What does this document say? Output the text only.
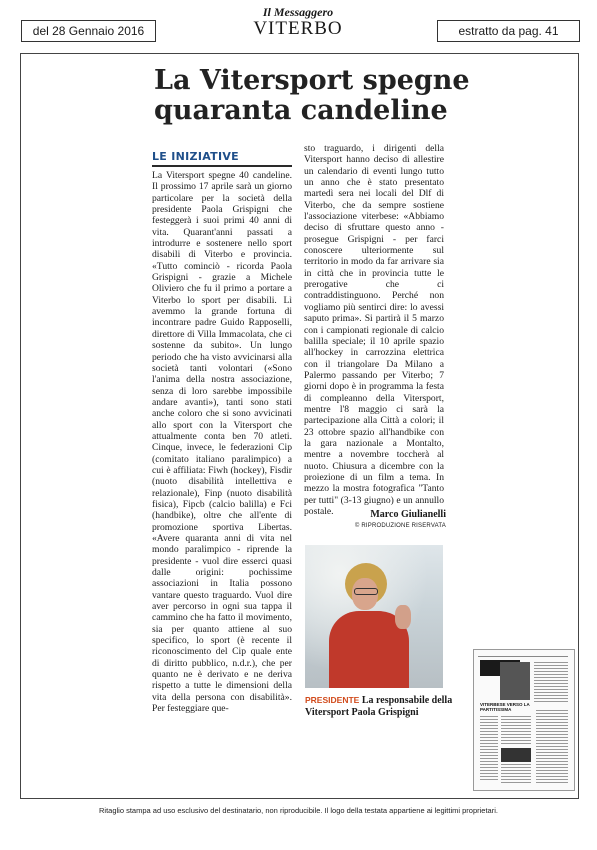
del 28 Gennaio 2016
Il Messaggero
VITERBO	estratto da pag. 41
La Vitersport spegne
quaranta candeline
LE INIZIATIVE

La Vitersport spegne 40 candeline. Il prossimo 17 aprile sarà un giorno particolare per la società della presidente Paola Grispigni che festeggerà i suoi primi 40 anni di vita. Quarant'anni passati a introdurre e sostenere nello sport disabili di Viterbo e provincia. «Tutto cominciò - ricorda Paola Grispigni - grazie a Michele Oliviero che fu il primo a portare a Viterbo lo sport per disabili. Lì avemmo la grande fortuna di incontrare padre Guido Rapposelli, direttore di Villa Immacolata, che ci sostenne da subito». Un lungo periodo che ha visto avvicinarsi alla società tanti volontari («Sono l'anima della nostra associazione, senza di loro sarebbe impossibile andare avanti»), tanti sono stati anche coloro che si sono avvicinati allo sport con la Vitersport che attualmente conta ben 70 atleti. Cinque, invece, le federazioni Cip (comitato italiano paralimpico) a cui è affiliata: Fiwh (hockey), Fisdir (nuoto disabilità intellettiva e relazionale), Finp (nuoto disabilità fisica), Fipcb (calcio balilla) e Fci (handbike), oltre che all'ente di promozione sportiva Libertas. «Avere quaranta anni di vita nel mondo paralimpico - riprende la presidente - vuol dire esserci quasi dalle origini: pochissime associazioni in Italia possono vantare questo traguardo. Vuol dire aver percorso in ogni sua tappa il cammino che ha fatto il movimento, sia per quanto attiene al suo specifico, lo sport (è recente il riconoscimento del Cip quale ente di diritto pubblico, n.d.r.), che per quanto ne è derivato e ne deriva rispetto a tutte le dimensioni della vita della persona con disabilità». Per festeggiare que-

sto traguardo, i dirigenti della Vitersport hanno deciso di allestire un calendario di eventi lungo tutto un anno che è stato presentato martedì sera nei locali del Dlf di Viterbo, che da sempre sostiene l'associazione viterbese: «Abbiamo deciso di sfruttare questo anno - prosegue Grispigni - per farci conoscere ulteriormente sul territorio in modo da far arrivare sia in città che in provincia tutte le prerogative che ci contraddistinguono. Perché non vogliamo più sentirci dire: lo avessi saputo prima». Si partirà il 5 marzo con i campionati regionale di calcio balilla speciale; il 10 aprile spazio all'hockey in carrozzina elettrica con il triangolare Da Milano a Palermo passando per Viterbo; 7 giorni dopo è in programma la festa di compleanno della Vitersport, mentre l'8 maggio ci sarà la partecipazione alla Città a colori; il 23 ottobre spazio all'handbike con la gara nazionale a Montalto, mentre a novembre toccherà al nuoto. Chiusura a dicembre con la proiezione di un film a tema. In mezzo la mostra fotografica "Tanto per tutti" (3-13 giugno) e un annullo postale.	Marco Giulianelli
© RIPRODUZIONE RISERVATA

PRESIDENTE La responsabile della Vitersport Paola Grispigni

VITERBESE VERSO LA PARTITISSIMA
Ritaglio stampa ad uso esclusivo del destinatario, non riproducibile. Il logo della testata appartiene ai legittimi proprietari.
